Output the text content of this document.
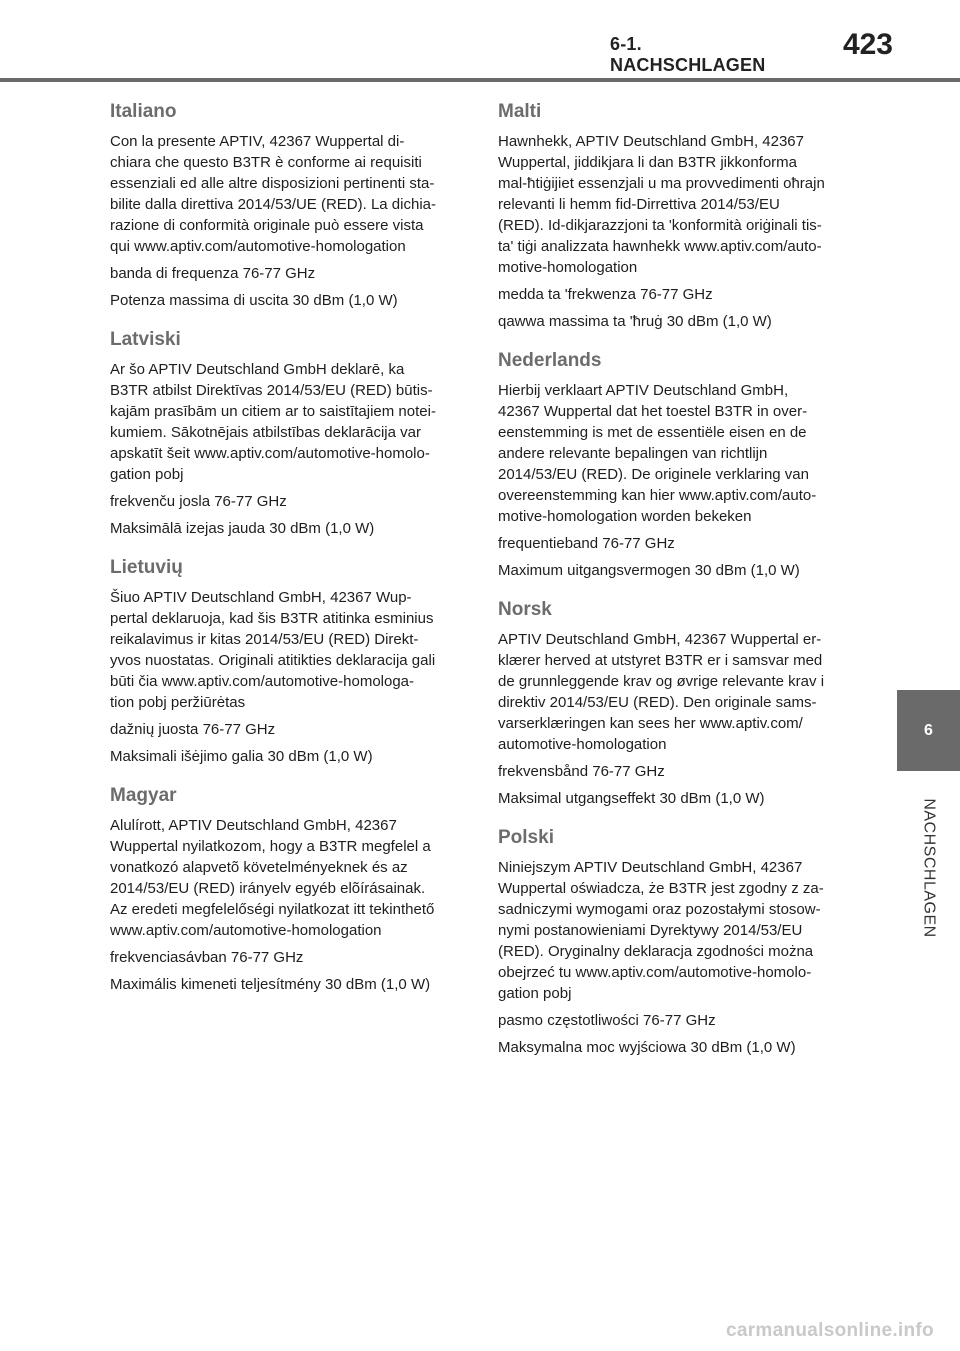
6-1. NACHSCHLAGEN
423
6
NACHSCHLAGEN
Italiano
Con la presente APTIV, 42367 Wuppertal di-
chiara che questo B3TR è conforme ai requisiti
essenziali ed alle altre disposizioni pertinenti sta-
bilite dalla direttiva 2014/53/UE (RED). La dichia-
razione di conformità originale può essere vista
qui www.aptiv.com/automotive-homologation
banda di frequenza 76-77 GHz
Potenza massima di uscita 30 dBm (1,0 W)
Latviski
Ar šo APTIV Deutschland GmbH deklarē, ka
B3TR atbilst Direktīvas 2014/53/EU (RED) būtis-
kajām prasībām un citiem ar to saistītajiem notei-
kumiem. Sākotnējais atbilstības deklarācija var
apskatīt šeit www.aptiv.com/automotive-homolo-
gation pobj
frekvenču josla 76-77 GHz
Maksimālā izejas jauda 30 dBm (1,0 W)
Lietuvių
Šiuo APTIV Deutschland GmbH, 42367 Wup-
pertal deklaruoja, kad šis B3TR atitinka esminius
reikalavimus ir kitas 2014/53/EU (RED) Direkt-
yvos nuostatas. Originali atitikties deklaracija gali
būti čia www.aptiv.com/automotive-homologa-
tion pobj peržiūrėtas
dažnių juosta 76-77 GHz
Maksimali išėjimo galia 30 dBm (1,0 W)
Magyar
Alulírott, APTIV Deutschland GmbH, 42367
Wuppertal nyilatkozom, hogy a B3TR megfelel a
vonatkozó alapvetõ követelményeknek és az
2014/53/EU (RED) irányelv egyéb elõírásainak.
Az eredeti megfelelőségi nyilatkozat itt tekinthető
www.aptiv.com/automotive-homologation
frekvenciasávban 76-77 GHz
Maximális kimeneti teljesítmény 30 dBm (1,0 W)
Malti
Hawnhekk, APTIV Deutschland GmbH, 42367
Wuppertal, jiddikjara li dan B3TR jikkonforma
mal-ħtiġijiet essenzjali u ma provvedimenti oħrajn
relevanti li hemm fid-Dirrettiva 2014/53/EU
(RED). Id-dikjarazzjoni ta 'konformità oriġinali tis-
ta' tiġi analizzata hawnhekk www.aptiv.com/auto-
motive-homologation
medda ta 'frekwenza 76-77 GHz
qawwa massima ta 'ħruġ 30 dBm (1,0 W)
Nederlands
Hierbij verklaart APTIV Deutschland GmbH,
42367 Wuppertal dat het toestel B3TR in over-
eenstemming is met de essentiële eisen en de
andere relevante bepalingen van richtlijn
2014/53/EU (RED). De originele verklaring van
overeenstemming kan hier www.aptiv.com/auto-
motive-homologation worden bekeken
frequentieband 76-77 GHz
Maximum uitgangsvermogen 30 dBm (1,0 W)
Norsk
APTIV Deutschland GmbH, 42367 Wuppertal er-
klærer herved at utstyret B3TR er i samsvar med
de grunnleggende krav og øvrige relevante krav i
direktiv 2014/53/EU (RED). Den originale sams-
varserklæringen kan sees her www.aptiv.com/
automotive-homologation
frekvensbånd 76-77 GHz
Maksimal utgangseffekt 30 dBm (1,0 W)
Polski
Niniejszym APTIV Deutschland GmbH, 42367
Wuppertal oświadcza, że B3TR jest zgodny z za-
sadniczymi wymogami oraz pozostałymi stosow-
nymi postanowieniami Dyrektywy 2014/53/EU
(RED). Oryginalny deklaracja zgodności można
obejrzeć tu www.aptiv.com/automotive-homolo-
gation pobj
pasmo częstotliwości 76-77 GHz
Maksymalna moc wyjściowa 30 dBm (1,0 W)
carmanualsonline.info
